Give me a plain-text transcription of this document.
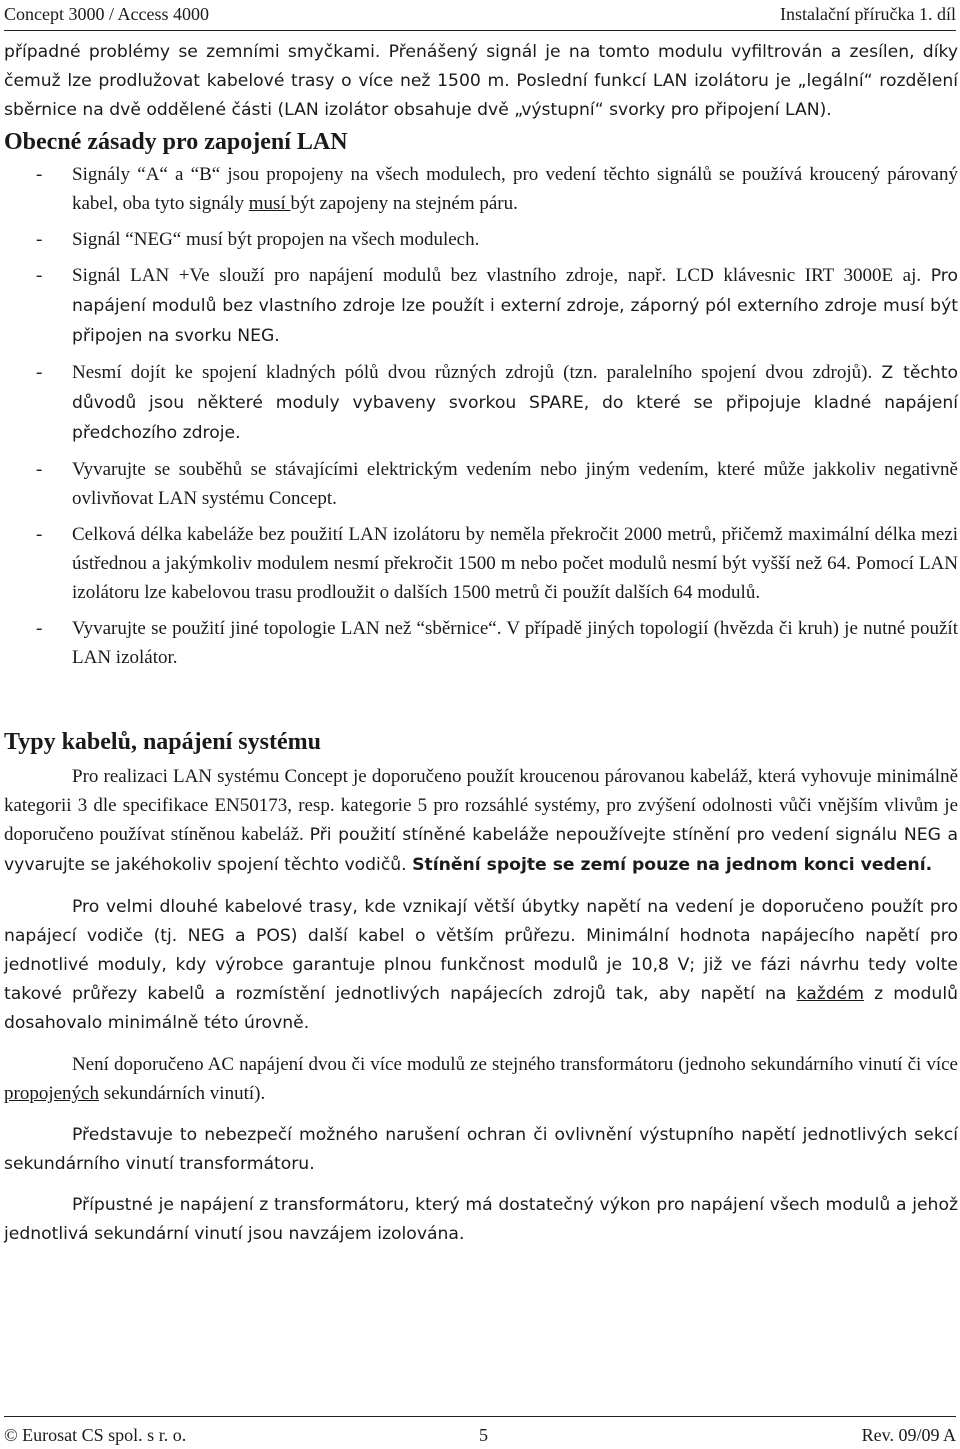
Concept 3000 / Access 4000	Instalační příručka 1. díl

případné problémy se zemními smyčkami. Přenášený signál je na tomto modulu vyfiltrován a zesílen, díky čemuž lze prodlužovat kabelové trasy o více než 1500 m. Poslední funkcí LAN izolátoru je „legální“ rozdělení sběrnice na dvě oddělené části (LAN izolátor obsahuje dvě „výstupní“ svorky pro připojení LAN).

Obecné zásady pro zapojení LAN
- Signály “A“ a “B“ jsou propojeny na všech modulech, pro vedení těchto signálů se používá kroucený párovaný kabel, oba tyto signály musí být zapojeny na stejném páru.
- Signál “NEG“ musí být propojen na všech modulech.
- Signál LAN +Ve slouží pro napájení modulů bez vlastního zdroje, např. LCD klávesnic IRT 3000E aj. Pro napájení modulů bez vlastního zdroje lze použít i externí zdroje, záporný pól externího zdroje musí být připojen na svorku NEG.
- Nesmí dojít ke spojení kladných pólů dvou různých zdrojů (tzn. paralelního spojení dvou zdrojů). Z těchto důvodů jsou některé moduly vybaveny svorkou SPARE, do které se připojuje kladné napájení předchozího zdroje.
- Vyvarujte se souběhů se stávajícími elektrickým vedením nebo jiným vedením, které může jakkoliv negativně ovlivňovat LAN systému Concept.
- Celková délka kabeláže bez použití LAN izolátoru by neměla překročit 2000 metrů, přičemž maximální délka mezi ústřednou a jakýmkoliv modulem nesmí překročit 1500 m nebo počet modulů nesmí být vyšší než 64. Pomocí LAN izolátoru lze kabelovou trasu prodloužit o dalších 1500 metrů či použít dalších 64 modulů.
- Vyvarujte se použití jiné topologie LAN než “sběrnice“. V případě jiných topologií (hvězda či kruh) je nutné použít LAN izolátor.
Typy kabelů, napájení systému

Pro realizaci LAN systému Concept je doporučeno použít kroucenou párovanou kabeláž, která vyhovuje minimálně kategorii 3 dle specifikace EN50173, resp. kategorie 5 pro rozsáhlé systémy, pro zvýšení odolnosti vůči vnějším vlivům je doporučeno používat stíněnou kabeláž. Při použití stíněné kabeláže nepoužívejte stínění pro vedení signálu NEG a vyvarujte se jakéhokoliv spojení těchto vodičů. Stínění spojte se zemí pouze na jednom konci vedení.

Pro velmi dlouhé kabelové trasy, kde vznikají větší úbytky napětí na vedení je doporučeno použít pro napájecí vodiče (tj. NEG a POS) další kabel o větším průřezu. Minimální hodnota napájecího napětí pro jednotlivé moduly, kdy výrobce garantuje plnou funkčnost modulů je 10,8 V; již ve fázi návrhu tedy volte takové průřezy kabelů a rozmístění jednotlivých napájecích zdrojů tak, aby napětí na každém z modulů dosahovalo minimálně této úrovně.

Není doporučeno AC napájení dvou či více modulů ze stejného transformátoru (jednoho sekundárního vinutí či více propojených sekundárních vinutí).

Představuje to nebezpečí možného narušení ochran či ovlivnění výstupního napětí jednotlivých sekcí sekundárního vinutí transformátoru.

Přípustné je napájení z transformátoru, který má dostatečný výkon pro napájení všech modulů a jehož jednotlivá sekundární vinutí jsou navzájem izolována.

© Eurosat CS spol. s r. o.	5	Rev. 09/09 A
